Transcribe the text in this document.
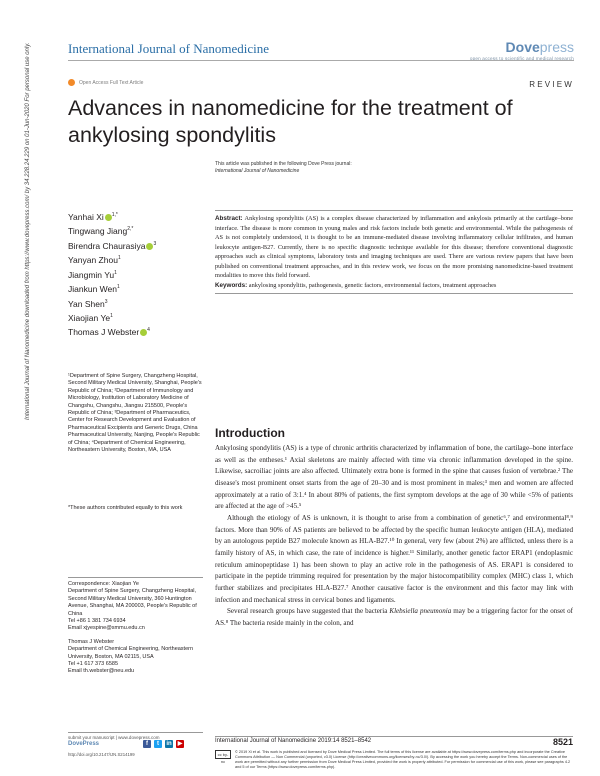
International Journal of Nanomedicine	Dovepress
open access to scientific and medical research
Open Access Full Text Article	REVIEW
Advances in nanomedicine for the treatment of ankylosing spondylitis
International Journal of Nanomedicine downloaded from https://www.dovepress.com/ by 34.228.24.229 on 01-Jun-2020 For personal use only.	This article was published in the following Dove Press journal:
International Journal of Nanomedicine
Yanhai Xi $^{1,*}$
Tingwang Jiang$^{2,*}$
Birendra Chaurasiya $^3$
Yanyan Zhou$^1$
Jiangmin Yu$^1$
Jiankun Wen$^1$
Yan Shen$^3$
Xiaojian Ye$^1$
Thomas J Webster $^4$
¹Department of Spine Surgery, Changzheng Hospital, Second Military Medical University, Shanghai, People's Republic of China; ²Department of Immunology and Microbiology, Institution of Laboratory Medicine of Changshu, Changshu, Jiangsu 215500, People's Republic of China; ³Department of Pharmaceutics, Center for Research Development and Evaluation of Pharmaceutical Excipients and Generic Drugs, China Pharmaceutical University, Nanjing, People's Republic of China; ⁴Department of Chemical Engineering, Northeastern University, Boston, MA, USA
*These authors contributed equally to this work
Correspondence: Xiaojian Ye
Department of Spine Surgery, Changzheng Hospital, Second Military Medical University, 360 Huntington Avenue, Shanghai, MA 200003, People's Republic of China
Tel +86 1 381 734 6934
Email xjyespine@smmu.edu.cn
Thomas J Webster
Department of Chemical Engineering, Northeastern University, Boston, MA 02115, USA
Tel +1 617 373 6585
Email th.webster@neu.edu
Abstract: Ankylosing spondylitis (AS) is a complex disease characterized by inflammation and ankylosis primarily at the cartilage–bone interface. The disease is more common in young males and risk factors include both genetic and environmental. While the pathogenesis of AS is not completely understood, it is thought to be an immune-mediated disease involving inflammatory cellular infiltrates, and human leukocyte antigen-B27. Currently, there is no specific diagnostic technique available for this disease; therefore conventional diagnostic approaches such as clinical symptoms, laboratory tests and imaging techniques are used. There are various review papers that have been published on conventional treatment approaches, and in this review work, we focus on the more promising nanomedicine-based treatment modalities to move this field forward.
Keywords: ankylosing spondylitis, pathogenesis, genetic factors, environmental factors, treatment approaches
Introduction

Ankylosing spondylitis (AS) is a type of chronic arthritis characterized by inflammation of bone, the cartilage–bone interface as well as the entheses.¹ Axial skeletons are mainly affected with time via chronic inflammation developed in the spine. Likewise, sacroiliac joints are also affected. Ultimately extra bone is formed in the spine that causes fusion of vertebrae.² The disease's most prominent onset starts from the age of 20–30 and is most prominent in males;³ men and women are affected approximately at a ratio of 3:1.⁴ In about 80% of patients, the first symptom develops at the age of 30 while <5% of patients are affected at the age of >45.⁵

Although the etiology of AS is unknown, it is thought to arise from a combination of genetic⁶,⁷ and environmental⁸,⁹ factors. More than 90% of AS patients are believed to be affected by the specific human leukocyte antigen (HLA), mediated by an autologous peptide B27 molecule known as HLA-B27.¹⁰ In general, very few (about 2%) are afflicted, unless there is a family history of AS, in which case, the rate of incidence is higher.¹¹ Similarly, another genetic factor ERAP1 (endoplasmic reticulum aminopeptidase 1) has been shown to play an active role in the pathogenesis of AS. ERAP1 is considered to participate in the peptide trimming required for presentation by the major histocompatibility complex (MHC) class 1, which further stabilizes and precipitates HLA-B27.⁷ Another causative factor is the environment and this factor may link with infection and mechanical stress in cervical bones and ligaments.

Several research groups have suggested that the bacteria Klebsiella pneumonia may be a triggering factor for the onset of AS.⁸ The bacteria reside mainly in the colon, and

submit your manuscript | www.dovepress.com
DovePress	f	t	in ▶
http://doi.org/10.2147/IJN.S214199
International Journal of Nanomedicine 2019:14 8521–8542	8521
cc by-nc
© 2019 Xi et al. This work is published and licensed by Dove Medical Press Limited. The full terms of this license are available at https://www.dovepress.com/terms.php and incorporate the Creative Commons Attribution — Non Commercial (unported, v3.0) License (http://creativecommons.org/licenses/by-nc/3.0/). By accessing the work you hereby accept the Terms. Non-commercial uses of the work are permitted without any further permission from Dove Medical Press Limited, provided the work is properly attributed. For permission for commercial use of this work, please see paragraphs 4.2 and 5 of our Terms (https://www.dovepress.com/terms.php).
